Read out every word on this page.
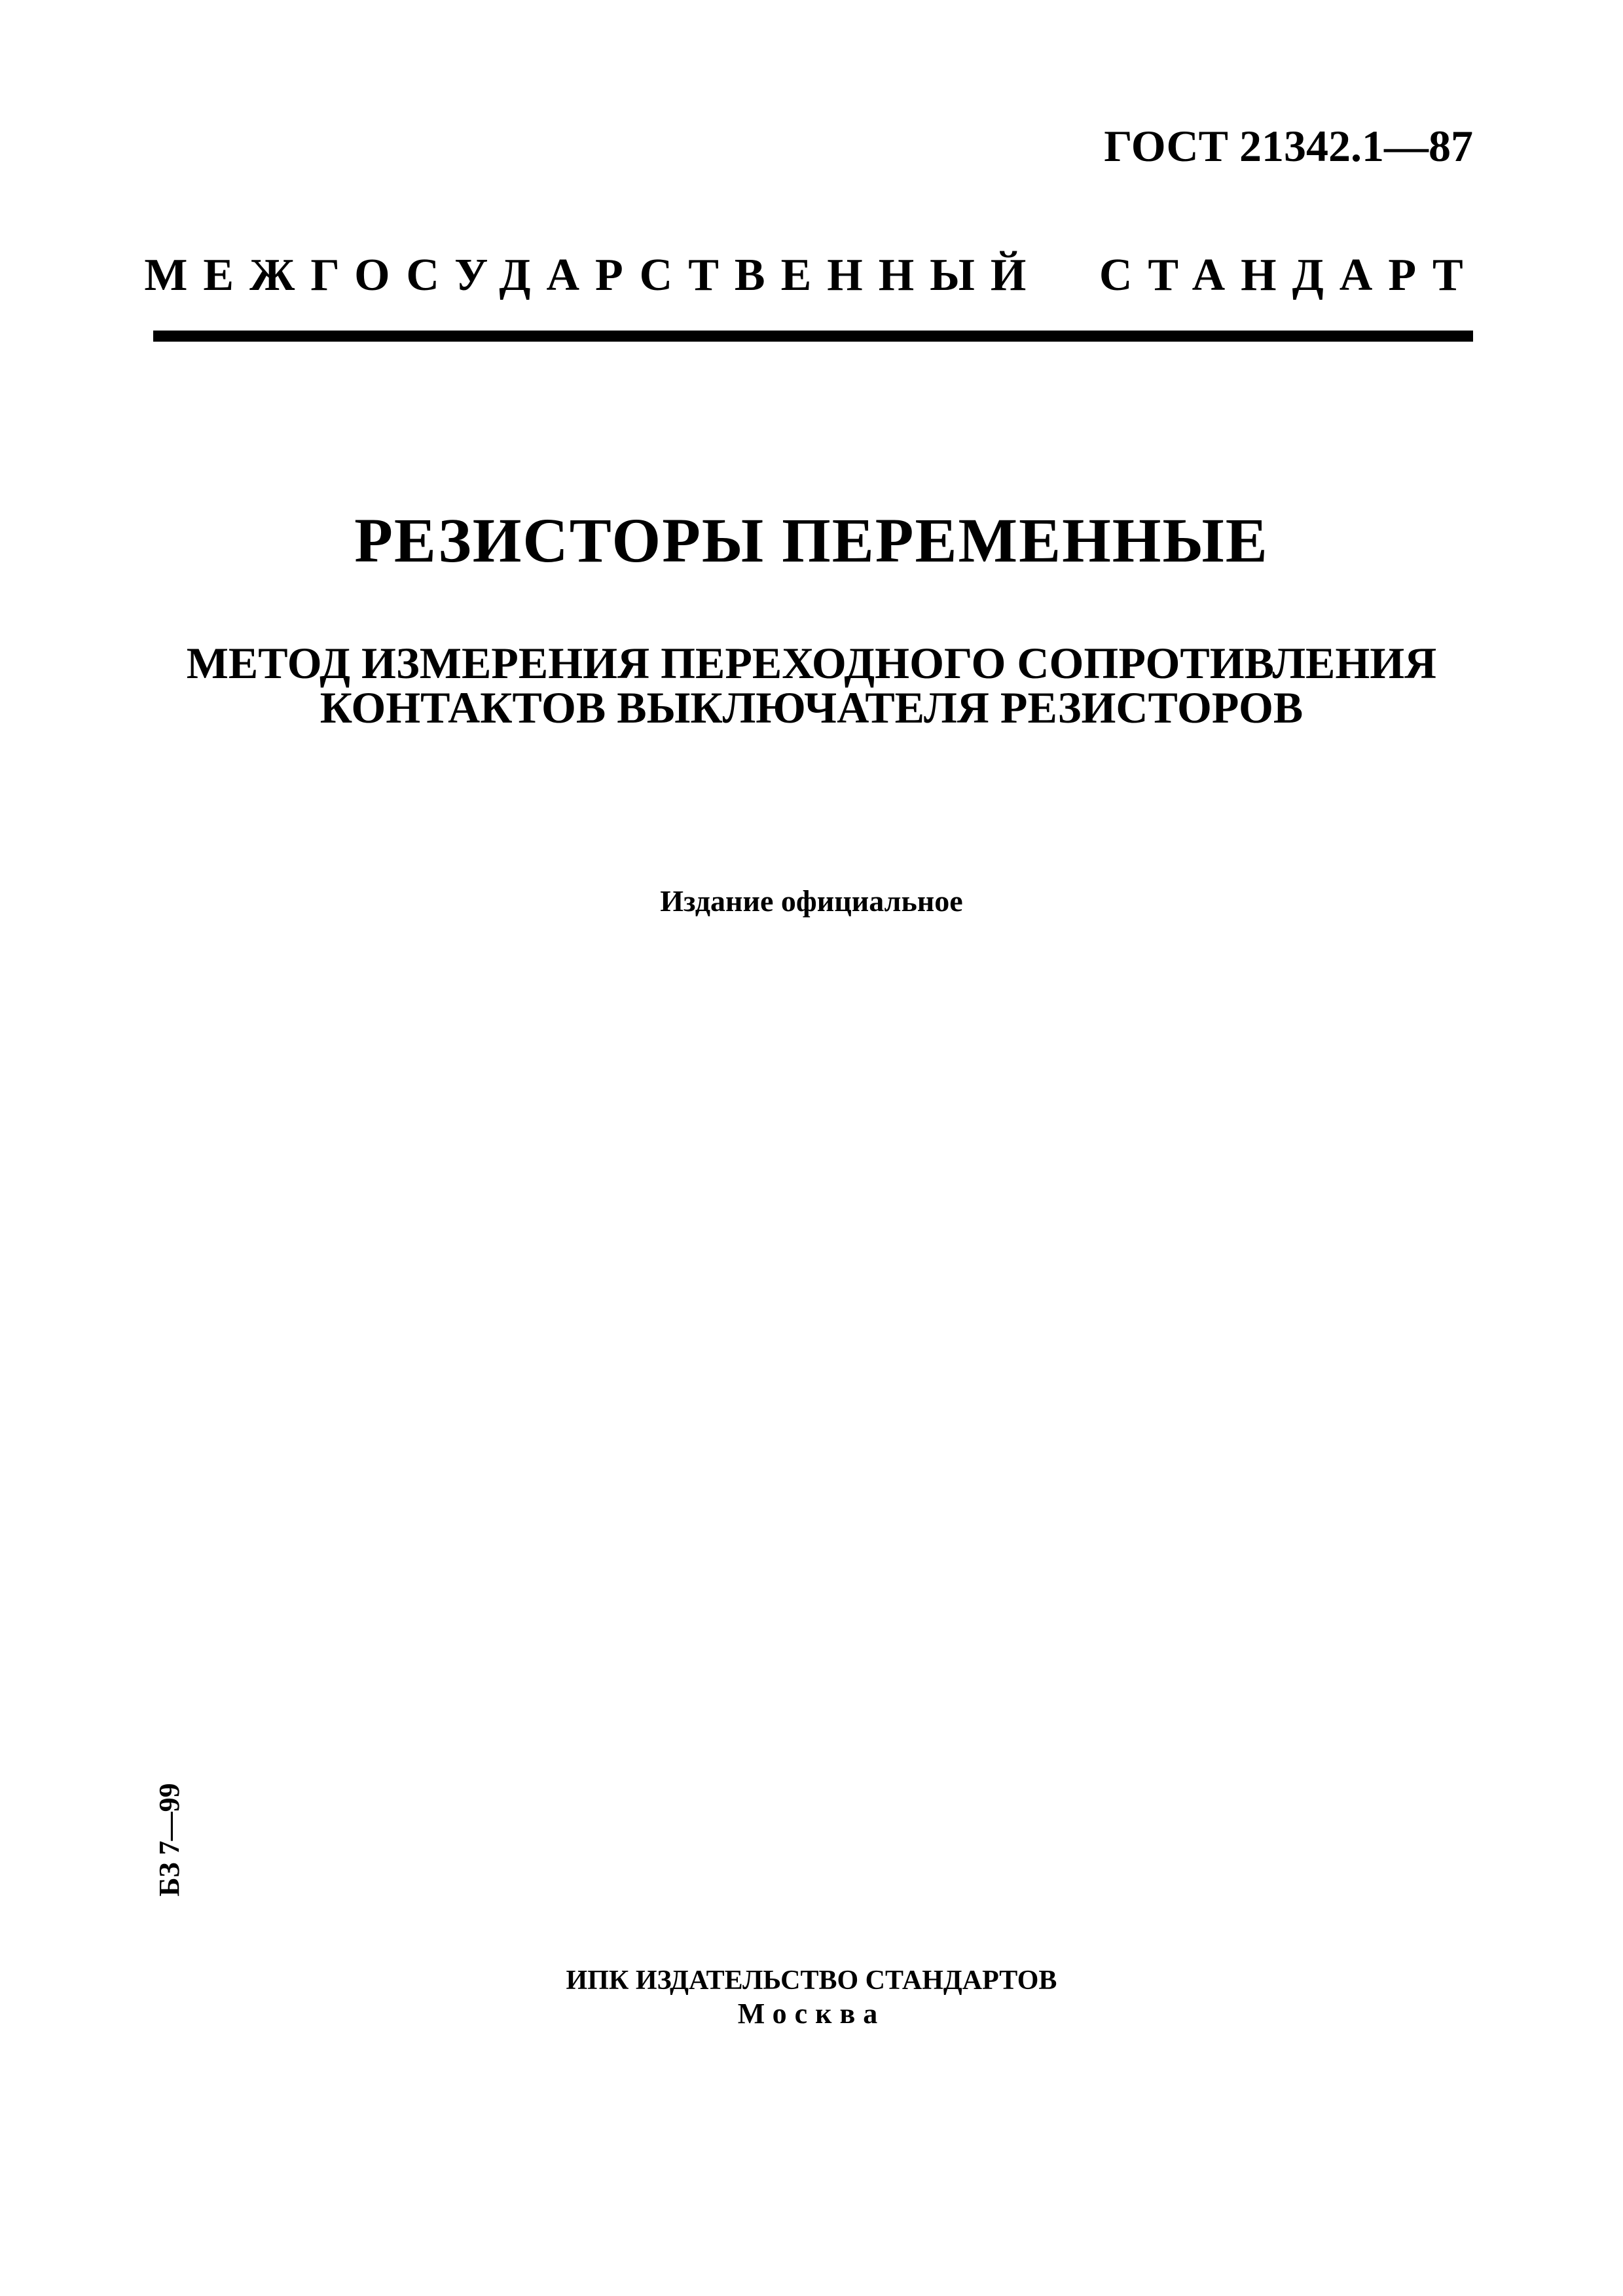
ГОСТ 21342.1—87
МЕЖГОСУДАРСТВЕННЫЙ СТАНДАРТ
РЕЗИСТОРЫ ПЕРЕМЕННЫЕ
МЕТОД ИЗМЕРЕНИЯ ПЕРЕХОДНОГО СОПРОТИВЛЕНИЯ
КОНТАКТОВ ВЫКЛЮЧАТЕЛЯ РЕЗИСТОРОВ
Издание официальное
БЗ 7—99
ИПК ИЗДАТЕЛЬСТВО СТАНДАРТОВ
Москва
